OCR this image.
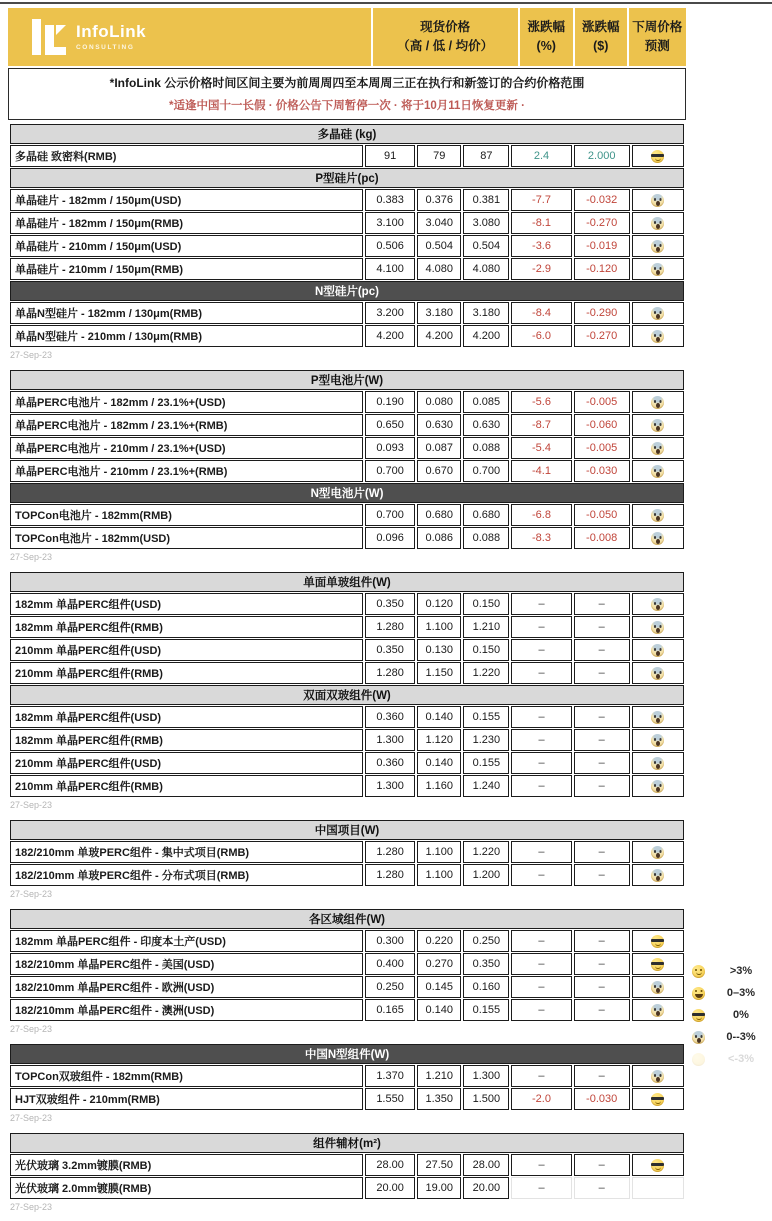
InfoLink
CONSULTING
现货价格
（高 / 低 / 均价）
涨跌幅
(%)
涨跌幅
($)
下周价格
预测
*InfoLink 公示价格时间区间主要为前周周四至本周周三正在执行和新签订的合约价格范围
*适逢中国十一长假 · 价格公告下周暂停一次 · 将于10月11日恢复更新 ·
多晶硅 (kg)						
多晶硅 致密料(RMB)	91	79	87	2.4	2.000	
P型硅片(pc)						
单晶硅片 - 182mm / 150μm(USD)	0.383	0.376	0.381	-7.7	-0.032	
单晶硅片 - 182mm / 150μm(RMB)	3.100	3.040	3.080	-8.1	-0.270	
单晶硅片 - 210mm / 150μm(USD)	0.506	0.504	0.504	-3.6	-0.019	
单晶硅片 - 210mm / 150μm(RMB)	4.100	4.080	4.080	-2.9	-0.120	
N型硅片(pc)						
单晶N型硅片 - 182mm / 130μm(RMB)	3.200	3.180	3.180	-8.4	-0.290	
单晶N型硅片 - 210mm / 130μm(RMB)	4.200	4.200	4.200	-6.0	-0.270	
27-Sep-23
P型电池片(W)						
单晶PERC电池片 - 182mm / 23.1%+(USD)	0.190	0.080	0.085	-5.6	-0.005	
单晶PERC电池片 - 182mm / 23.1%+(RMB)	0.650	0.630	0.630	-8.7	-0.060	
单晶PERC电池片 - 210mm / 23.1%+(USD)	0.093	0.087	0.088	-5.4	-0.005	
单晶PERC电池片 - 210mm / 23.1%+(RMB)	0.700	0.670	0.700	-4.1	-0.030	
N型电池片(W)						
TOPCon电池片 - 182mm(RMB)	0.700	0.680	0.680	-6.8	-0.050	
TOPCon电池片 - 182mm(USD)	0.096	0.086	0.088	-8.3	-0.008	
27-Sep-23
单面单玻组件(W)						
182mm 单晶PERC组件(USD)	0.350	0.120	0.150	–	–	
182mm 单晶PERC组件(RMB)	1.280	1.100	1.210	–	–	
210mm 单晶PERC组件(USD)	0.350	0.130	0.150	–	–	
210mm 单晶PERC组件(RMB)	1.280	1.150	1.220	–	–	
双面双玻组件(W)						
182mm 单晶PERC组件(USD)	0.360	0.140	0.155	–	–	
182mm 单晶PERC组件(RMB)	1.300	1.120	1.230	–	–	
210mm 单晶PERC组件(USD)	0.360	0.140	0.155	–	–	
210mm 单晶PERC组件(RMB)	1.300	1.160	1.240	–	–	
27-Sep-23
中国项目(W)						
182/210mm 单玻PERC组件 - 集中式项目(RMB)	1.280	1.100	1.220	–	–	
182/210mm 单玻PERC组件 - 分布式项目(RMB)	1.280	1.100	1.200	–	–	
27-Sep-23
各区域组件(W)						
182mm 单晶PERC组件 - 印度本土产(USD)	0.300	0.220	0.250	–	–	
182/210mm 单晶PERC组件 - 美国(USD)	0.400	0.270	0.350	–	–	
182/210mm 单晶PERC组件 - 欧洲(USD)	0.250	0.145	0.160	–	–	
182/210mm 单晶PERC组件 - 澳洲(USD)	0.165	0.140	0.155	–	–	
27-Sep-23
中国N型组件(W)						
TOPCon双玻组件 - 182mm(RMB)	1.370	1.210	1.300	–	–	
HJT双玻组件 - 210mm(RMB)	1.550	1.350	1.500	-2.0	-0.030	
27-Sep-23
组件辅材(m²)						
光伏玻璃 3.2mm镀膜(RMB)	28.00	27.50	28.00	–	–	
光伏玻璃 2.0mm镀膜(RMB)	20.00	19.00	20.00	–	–	
27-Sep-23
>3%
0–3%
0%
0--3%
<-3%
